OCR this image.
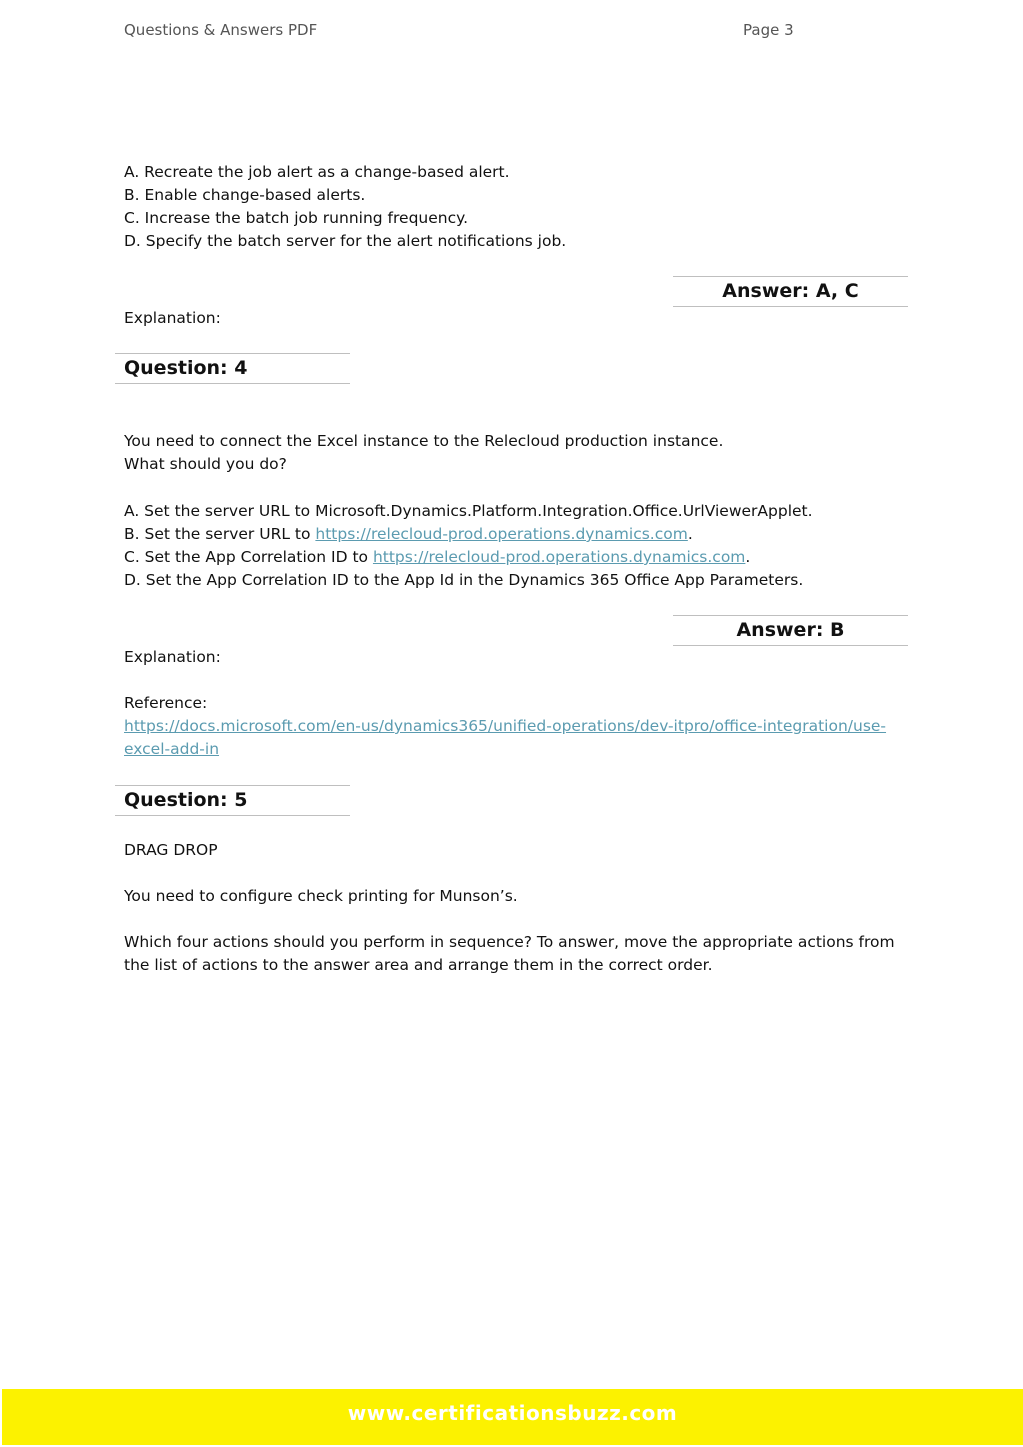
Questions & Answers PDF	Page 3
A. Recreate the job alert as a change-based alert.
B. Enable change-based alerts.
C. Increase the batch job running frequency.
D. Specify the batch server for the alert notifications job.
Answer: A, C
Explanation:
Question: 4
You need to connect the Excel instance to the Relecloud production instance.
What should you do?
A. Set the server URL to Microsoft.Dynamics.Platform.Integration.Office.UrlViewerApplet.
B. Set the server URL to https://relecloud-prod.operations.dynamics.com.
C. Set the App Correlation ID to https://relecloud-prod.operations.dynamics.com.
D. Set the App Correlation ID to the App Id in the Dynamics 365 Office App Parameters.
Answer: B
Explanation:
Reference:
https://docs.microsoft.com/en-us/dynamics365/unified-operations/dev-itpro/office-integration/use-
excel-add-in
Question: 5
DRAG DROP
You need to configure check printing for Munson’s.
Which four actions should you perform in sequence? To answer, move the appropriate actions from
the list of actions to the answer area and arrange them in the correct order.
www.certificationsbuzz.com
